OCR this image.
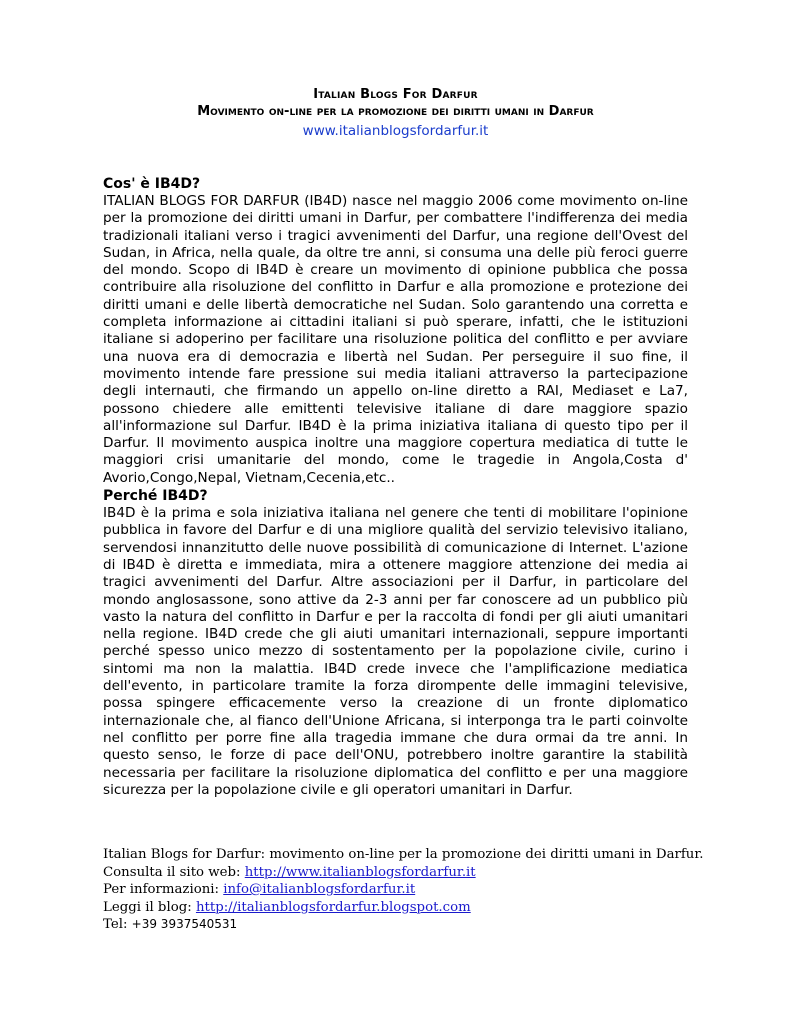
Italian Blogs For Darfur
Movimento on-line per la promozione dei diritti umani in Darfur
www.italianblogsfordarfur.it
Cos' è IB4D?

ITALIAN BLOGS FOR DARFUR (IB4D) nasce nel maggio 2006 come movimento on-line per la promozione dei diritti umani in Darfur, per combattere l'indifferenza dei media tradizionali italiani verso i tragici avvenimenti del Darfur, una regione dell'Ovest del Sudan, in Africa, nella quale, da oltre tre anni, si consuma una delle più feroci guerre del mondo. Scopo di IB4D è creare un movimento di opinione pubblica che possa contribuire alla risoluzione del conflitto in Darfur e alla promozione e protezione dei diritti umani e delle libertà democratiche nel Sudan. Solo garantendo una corretta e completa informazione ai cittadini italiani si può sperare, infatti, che le istituzioni italiane si adoperino per facilitare una risoluzione politica del conflitto e per avviare una nuova era di democrazia e libertà nel Sudan. Per perseguire il suo fine, il movimento intende fare pressione sui media italiani attraverso la partecipazione degli internauti, che firmando un appello on-line diretto a RAI, Mediaset e La7, possono chiedere alle emittenti televisive italiane di dare maggiore spazio all'informazione sul Darfur. IB4D è la prima iniziativa italiana di questo tipo per il Darfur. Il movimento auspica inoltre una maggiore copertura mediatica di tutte le maggiori crisi umanitarie del mondo, come le tragedie in Angola,Costa d' Avorio,Congo,Nepal, Vietnam,Cecenia,etc..

Perché IB4D?

IB4D è la prima e sola iniziativa italiana nel genere che tenti di mobilitare l'opinione pubblica in favore del Darfur e di una migliore qualità del servizio televisivo italiano, servendosi innanzitutto delle nuove possibilità di comunicazione di Internet. L'azione di IB4D è diretta e immediata, mira a ottenere maggiore attenzione dei media ai tragici avvenimenti del Darfur. Altre associazioni per il Darfur, in particolare del mondo anglosassone, sono attive da 2-3 anni per far conoscere ad un pubblico più vasto la natura del conflitto in Darfur e per la raccolta di fondi per gli aiuti umanitari nella regione. IB4D crede che gli aiuti umanitari internazionali, seppure importanti perché spesso unico mezzo di sostentamento per la popolazione civile, curino i sintomi ma non la malattia. IB4D crede invece che l'amplificazione mediatica dell'evento, in particolare tramite la forza dirompente delle immagini televisive, possa spingere efficacemente verso la creazione di un fronte diplomatico internazionale che, al fianco dell'Unione Africana, si interponga tra le parti coinvolte nel conflitto per porre fine alla tragedia immane che dura ormai da tre anni. In questo senso, le forze di pace dell'ONU, potrebbero inoltre garantire la stabilità necessaria per facilitare la risoluzione diplomatica del conflitto e per una maggiore sicurezza per la popolazione civile e gli operatori umanitari in Darfur.

Italian Blogs for Darfur: movimento on-line per la promozione dei diritti umani in Darfur.
Consulta il sito web: http://www.italianblogsfordarfur.it
Per informazioni: info@italianblogsfordarfur.it
Leggi il blog: http://italianblogsfordarfur.blogspot.com
Tel: +39 3937540531
